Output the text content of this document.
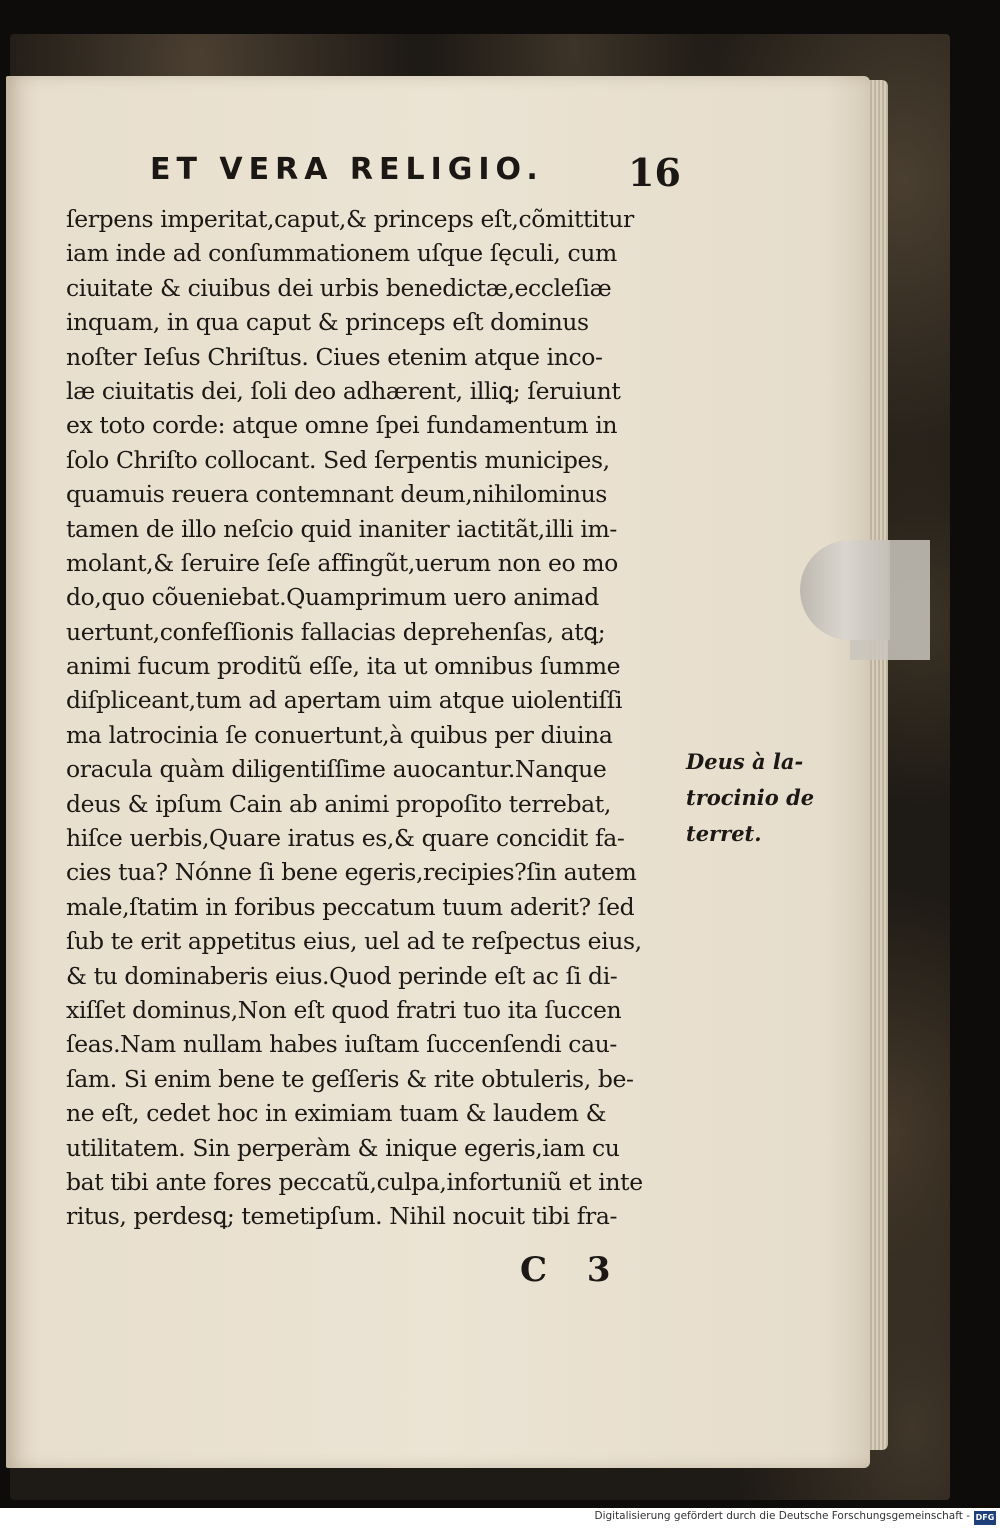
ET VERA RELIGIO.	16
ſerpens imperitat,caput,& princeps eſt,cõmittitur
iam inde ad conſummationem uſque ſęculi, cum
ciuitate & ciuibus dei urbis benedictæ,eccleſiæ
inquam, in qua caput & princeps eſt dominus
noſter Ieſus Chriſtus. Ciues etenim atque inco-
læ ciuitatis dei, ſoli deo adhærent, illiꝗ; ſeruiunt
ex toto corde: atque omne ſpei fundamentum in
ſolo Chriſto collocant. Sed ſerpentis municipes,
quamuis reuera contemnant deum,nihilominus
tamen de illo neſcio quid inaniter iactitãt,illi im-
molant,& ſeruire ſeſe affingũt,uerum non eo mo
do,quo cõueniebat.Quamprimum uero animad
uertunt,confeſſionis fallacias deprehenſas, atꝗ;
animi fucum proditũ eſſe, ita ut omnibus ſumme
diſpliceant,tum ad apertam uim atque uiolentiſſi
ma latrocinia ſe conuertunt,à quibus per diuina
oracula quàm diligentiſſime auocantur.Nanque
deus & ipſum Cain ab animi propoſito terrebat,
hiſce uerbis,Quare iratus es,& quare concidit fa-
cies tua? Nónne ſi bene egeris,recipies?ſin autem
male,ſtatim in foribus peccatum tuum aderit? ſed
ſub te erit appetitus eius, uel ad te reſpectus eius,
& tu dominaberis eius.Quod perinde eſt ac ſi di-
xiſſet dominus,Non eſt quod fratri tuo ita ſuccen
ſeas.Nam nullam habes iuſtam ſuccenſendi cau-
ſam. Si enim bene te geſſeris & rite obtuleris, be-
ne eſt, cedet hoc in eximiam tuam & laudem &
utilitatem. Sin perperàm & inique egeris,iam cu
bat tibi ante fores peccatũ,culpa,infortuniũ et inte
ritus, perdesꝗ; temetipſum. Nihil nocuit tibi fra-
Deus à la-
trocinio de
terret.
C 3
Digitalisierung gefördert durch die Deutsche Forschungsgemeinschaft - DFG
